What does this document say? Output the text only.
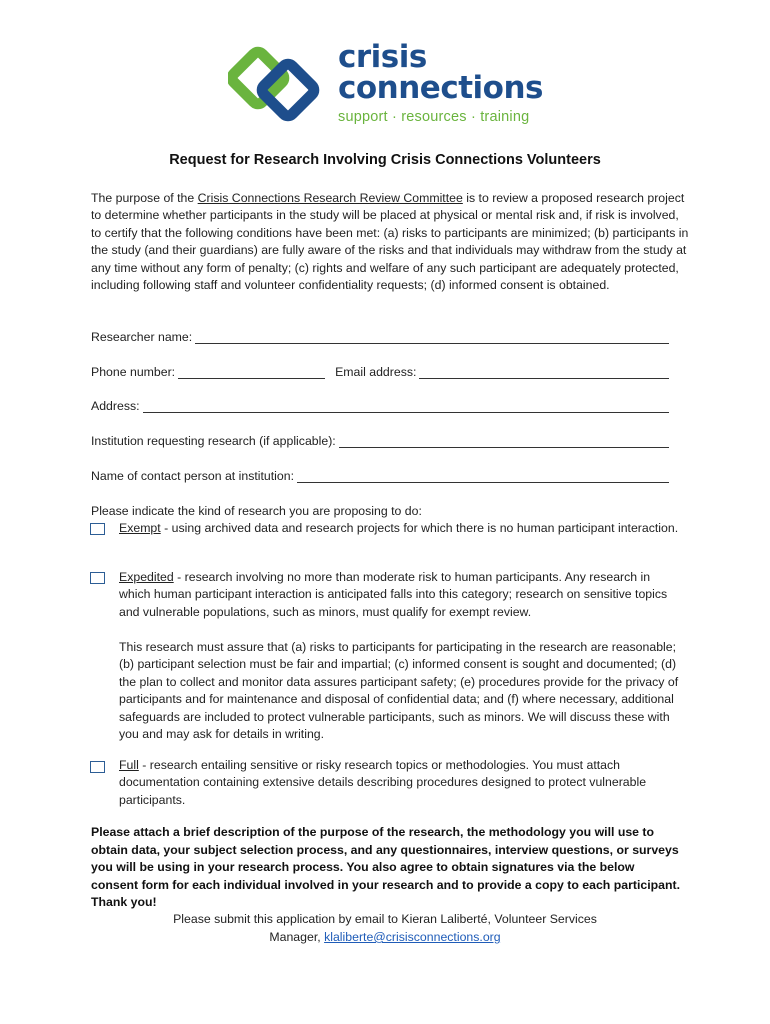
crisis
connections
support · resources · training
Request for Research Involving Crisis Connections Volunteers
The purpose of the Crisis Connections Research Review Committee is to review a proposed research project to determine whether participants in the study will be placed at physical or mental risk and, if risk is involved, to certify that the following conditions have been met: (a) risks to participants are minimized; (b) participants in the study (and their guardians) are fully aware of the risks and that individuals may withdraw from the study at any time without any form of penalty; (c) rights and welfare of any such participant are adequately protected, including following staff and volunteer confidentiality requests; (d) informed consent is obtained.
Researcher name:
Phone number:	Email address:
Address:
Institution requesting research (if applicable):
Name of contact person at institution:
Please indicate the kind of research you are proposing to do:
Exempt - using archived data and research projects for which there is no human participant interaction.
Expedited - research involving no more than moderate risk to human participants. Any research in which human participant interaction is anticipated falls into this category; research on sensitive topics and vulnerable populations, such as minors, must qualify for exempt review.
This research must assure that (a) risks to participants for participating in the research are reasonable; (b) participant selection must be fair and impartial; (c) informed consent is sought and documented; (d) the plan to collect and monitor data assures participant safety; (e) procedures provide for the privacy of participants and for maintenance and disposal of confidential data; and (f) where necessary, additional safeguards are included to protect vulnerable participants, such as minors. We will discuss these with you and may ask for details in writing.
Full - research entailing sensitive or risky research topics or methodologies. You must attach documentation containing extensive details describing procedures designed to protect vulnerable participants.
Please attach a brief description of the purpose of the research, the methodology you will use to obtain data, your subject selection process, and any questionnaires, interview questions, or surveys you will be using in your research process. You also agree to obtain signatures via the below consent form for each individual involved in your research and to provide a copy to each participant. Thank you!
Please submit this application by email to Kieran Laliberté, Volunteer Services
Manager, klaliberte@crisisconnections.org
